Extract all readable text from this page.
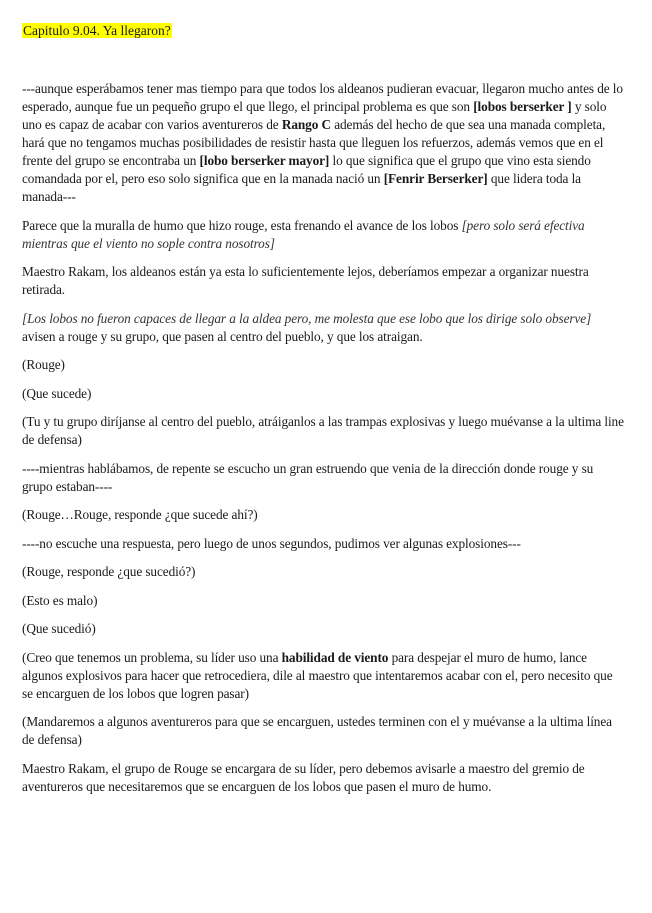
Capitulo 9.04. Ya llegaron?

---aunque esperábamos tener mas tiempo para que todos los aldeanos pudieran evacuar, llegaron mucho antes de lo esperado, aunque fue un pequeño grupo el que llego, el principal problema es que son [lobos berserker ] y solo uno es capaz de acabar con varios aventureros de Rango C además del hecho de que sea una manada completa, hará que no tengamos muchas posibilidades de resistir hasta que lleguen los refuerzos, además vemos que en el frente del grupo se encontraba un [lobo berserker mayor] lo que significa que el grupo que vino esta siendo comandada por el, pero eso solo significa que en la manada nació un [Fenrir Berserker] que lidera toda la manada---

Parece que la muralla de humo que hizo rouge, esta frenando el avance de los lobos [pero solo será efectiva mientras que el viento no sople contra nosotros]

Maestro Rakam, los aldeanos están ya esta lo suficientemente lejos, deberíamos empezar a organizar nuestra retirada.

[Los lobos no fueron capaces de llegar a la aldea pero, me molesta que ese lobo que los dirige solo observe] avisen a rouge y su grupo, que pasen al centro del pueblo, y que los atraigan.

(Rouge)

(Que sucede)

(Tu y tu grupo diríjanse al centro del pueblo, atráiganlos a las trampas explosivas y luego muévanse a la ultima line de defensa)

----mientras hablábamos, de repente se escucho un gran estruendo que venia de la dirección donde rouge y su grupo estaban----

(Rouge…Rouge, responde ¿que sucede ahí?)

----no escuche una respuesta, pero luego de unos segundos, pudimos ver algunas explosiones---

(Rouge, responde ¿que sucedió?)

(Esto es malo)

(Que sucedió)

(Creo que tenemos un problema, su líder uso una habilidad de viento para despejar el muro de humo, lance algunos explosivos para hacer que retrocediera, dile al maestro que intentaremos acabar con el, pero necesito que se encarguen de los lobos que logren pasar)

(Mandaremos a algunos aventureros para que se encarguen, ustedes terminen con el y muévanse a la ultima línea de defensa)

Maestro Rakam, el grupo de Rouge se encargara de su líder, pero debemos avisarle a maestro del gremio de aventureros que necesitaremos que se encarguen de los lobos que pasen el muro de humo.
